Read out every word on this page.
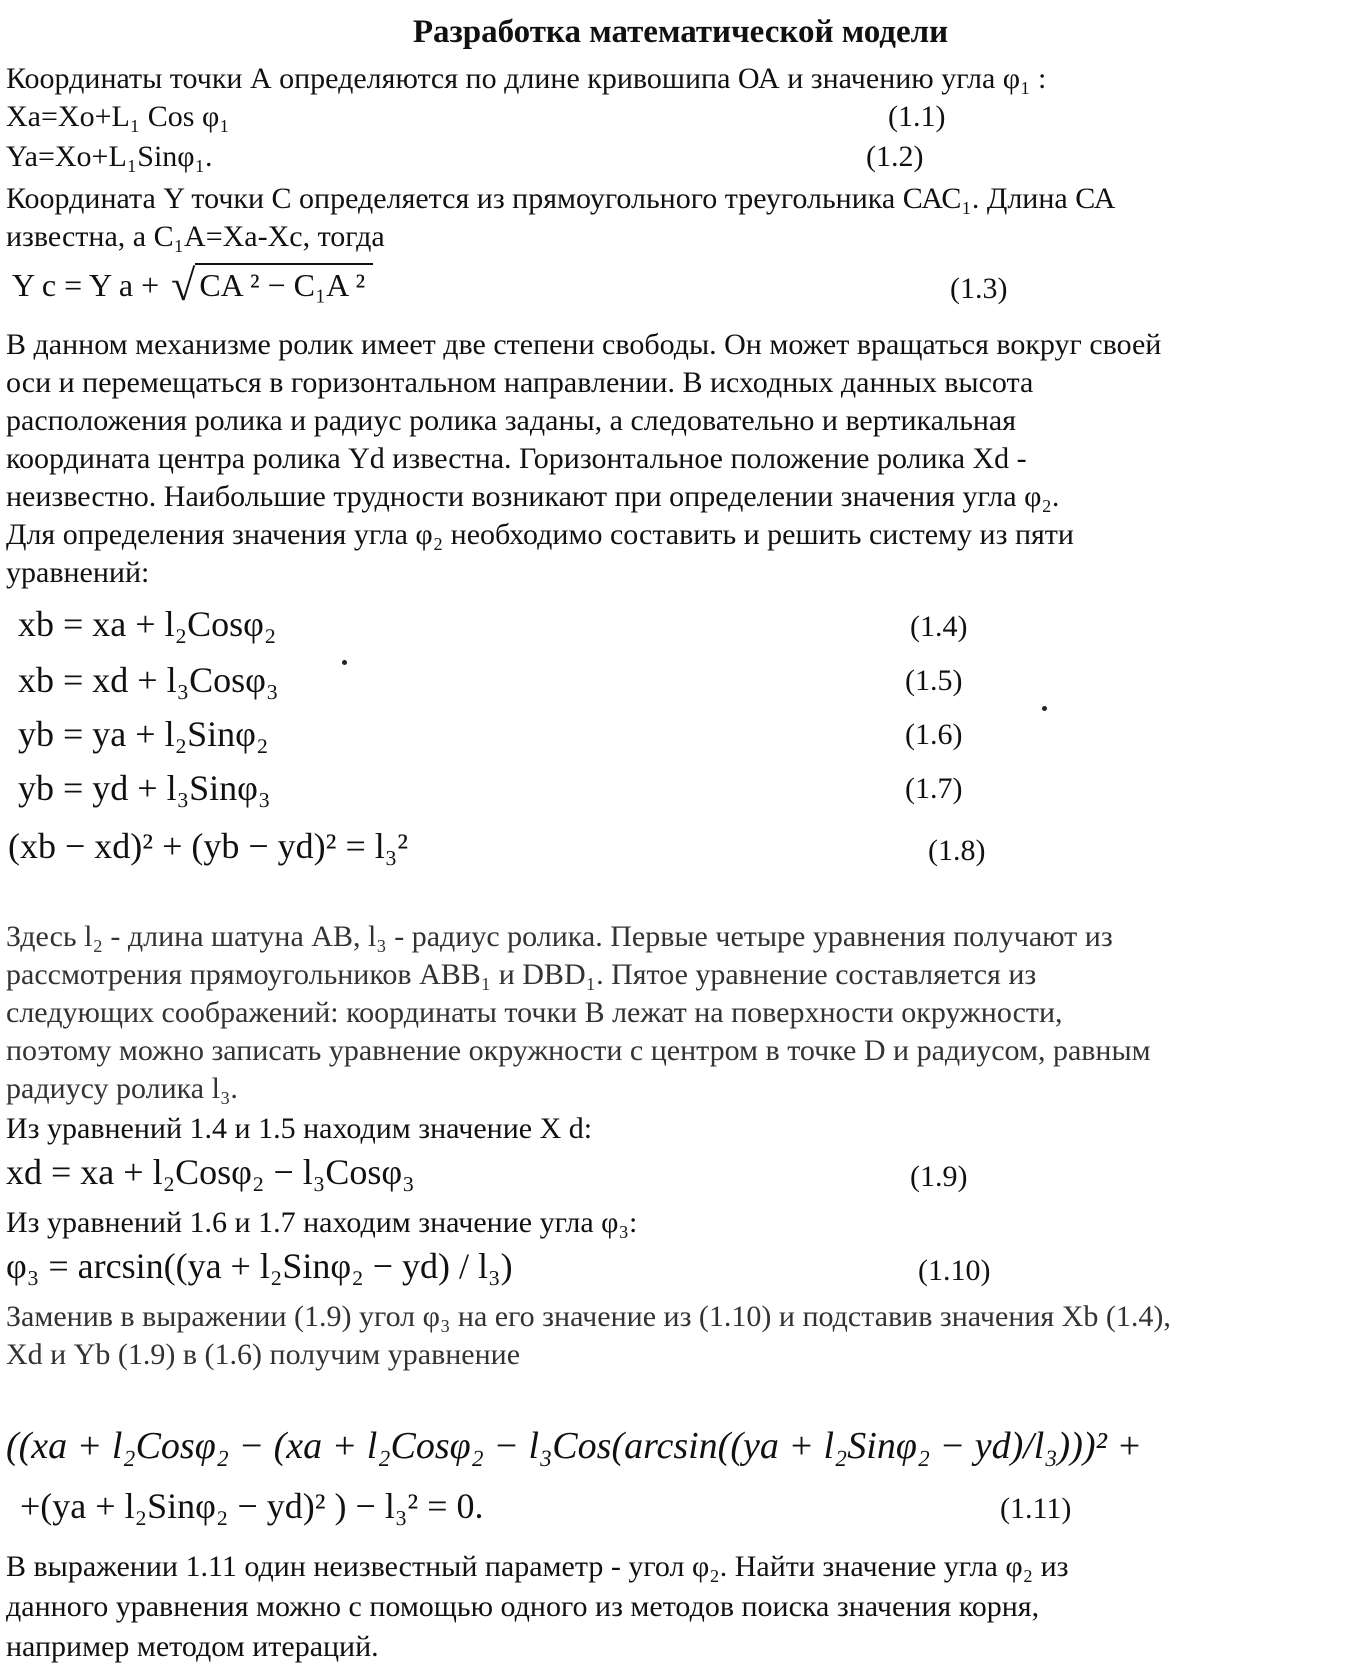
Разработка математической модели
Координаты точки А определяются по длине кривошипа ОА и значению угла φ₁ :
Xa=Xo+L₁ Cos φ₁	(1.1)
Ya=Xo+L₁Sinφ₁.	(1.2)
Координата Y точки С определяется из прямоугольного треугольника САС₁. Длина СА
известна, а С₁А=Xa-Xc, тогда
Y c = Y a + √ CA ² − C₁A ²	(1.3)
В данном механизме ролик имеет две степени свободы. Он может вращаться вокруг своей
оси и перемещаться в горизонтальном направлении. В исходных данных высота
расположения ролика и радиус ролика заданы, а следовательно и вертикальная
координата центра ролика Yd известна. Горизонтальное положение ролика Xd -
неизвестно. Наибольшие трудности возникают при определении значения угла φ₂.
Для определения значения угла φ₂ необходимо составить и решить систему из пяти
уравнений:
xb = xa + l₂Cosφ₂	(1.4)
xb = xd + l₃Cosφ₃	(1.5)
yb = ya + l₂Sinφ₂	(1.6)
yb = yd + l₃Sinφ₃	(1.7)
(xb − xd)² + (yb − yd)² = l₃²	(1.8)
Здесь l₂ - длина шатуна АВ, l₃ - радиус ролика. Первые четыре уравнения получают из
рассмотрения прямоугольников АВВ₁ и DBD₁. Пятое уравнение составляется из
следующих соображений: координаты точки В лежат на поверхности окружности,
поэтому можно записать уравнение окружности с центром в точке D и радиусом, равным
радиусу ролика l₃.
Из уравнений 1.4 и 1.5 находим значение X d:
xd = xa + l₂Cosφ₂ − l₃Cosφ₃	(1.9)
Из уравнений 1.6 и 1.7 находим значение угла φ₃:
φ₃ = arcsin((ya + l₂Sinφ₂ − yd) / l₃)	(1.10)
Заменив в выражении (1.9) угол φ₃ на его значение из (1.10) и подставив значения Xb (1.4),
Xd и Yb (1.9) в (1.6) получим уравнение
((xa + l₂Cosφ₂ − (xa + l₂Cosφ₂ − l₃Cos(arcsin((ya + l₂Sinφ₂ − yd)/l₃)))² +
+(ya + l₂Sinφ₂ − yd)² ) − l₃² = 0.	(1.11)
В выражении 1.11 один неизвестный параметр - угол φ₂. Найти значение угла φ₂ из
данного уравнения можно с помощью одного из методов поиска значения корня,
например методом итераций.
